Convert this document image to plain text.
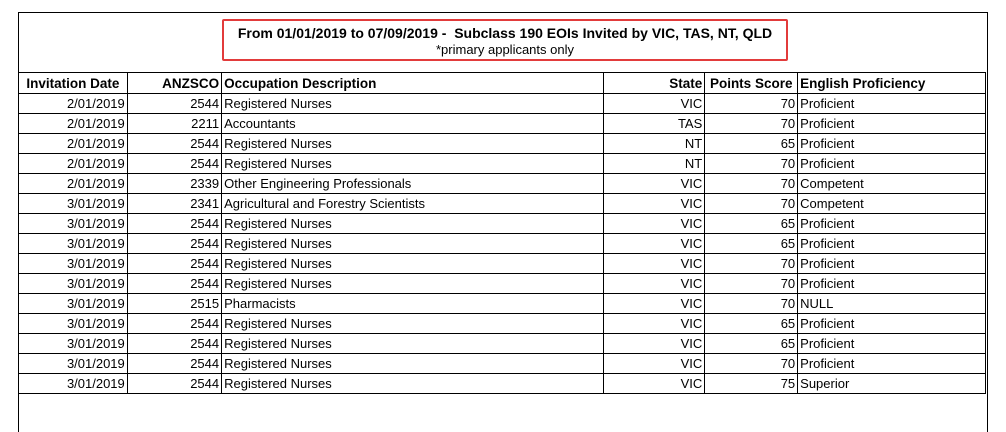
From 01/01/2019 to 07/09/2019 -  Subclass 190 EOIs Invited by VIC, TAS, NT, QLD
*primary applicants only
Invitation Date	ANZSCO	Occupation Description	State	Points Score	English Proficiency
2/01/2019	2544	Registered Nurses	VIC	70	Proficient
2/01/2019	2211	Accountants	TAS	70	Proficient
2/01/2019	2544	Registered Nurses	NT	65	Proficient
2/01/2019	2544	Registered Nurses	NT	70	Proficient
2/01/2019	2339	Other Engineering Professionals	VIC	70	Competent
3/01/2019	2341	Agricultural and Forestry Scientists	VIC	70	Competent
3/01/2019	2544	Registered Nurses	VIC	65	Proficient
3/01/2019	2544	Registered Nurses	VIC	65	Proficient
3/01/2019	2544	Registered Nurses	VIC	70	Proficient
3/01/2019	2544	Registered Nurses	VIC	70	Proficient
3/01/2019	2515	Pharmacists	VIC	70	NULL
3/01/2019	2544	Registered Nurses	VIC	65	Proficient
3/01/2019	2544	Registered Nurses	VIC	65	Proficient
3/01/2019	2544	Registered Nurses	VIC	70	Proficient
3/01/2019	2544	Registered Nurses	VIC	75	Superior
